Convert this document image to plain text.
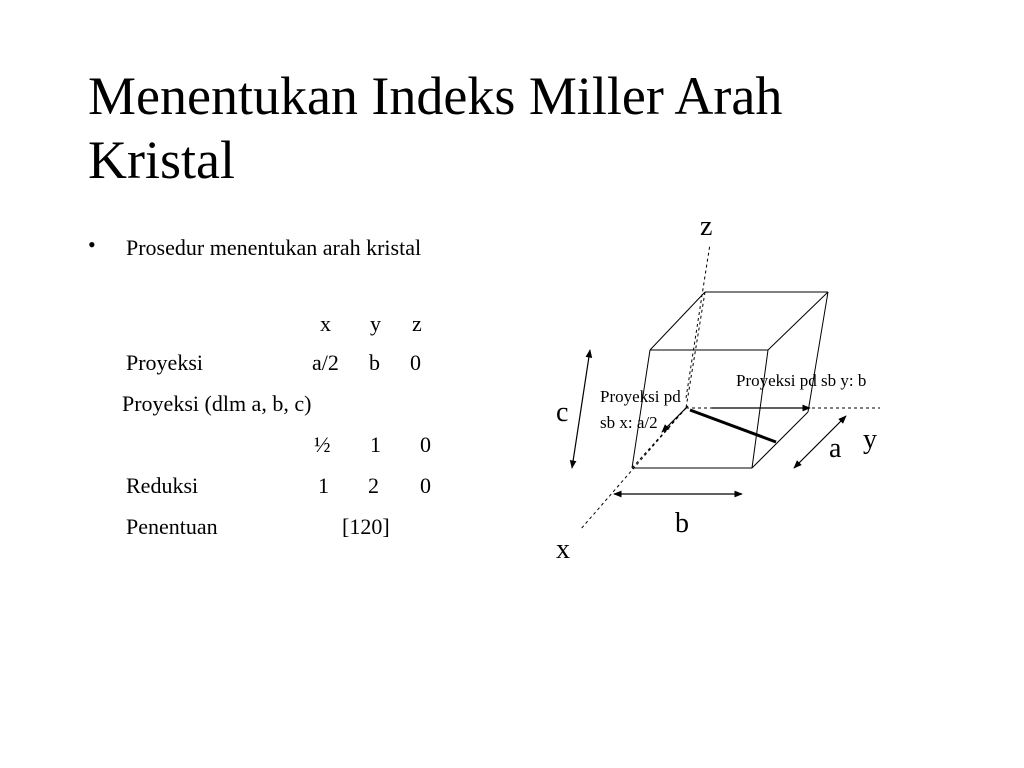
Menentukan Indeks Miller Arah
Kristal
• Prosedur menentukan arah kristal
x y z
Proyeksi	a/2 b 0
Proyeksi (dlm a, b, c)
½ 1 0
Reduksi	1 2 0
Penentuan	[120]
z
y
x
a
b
c
Proyeksi pd
sb x: a/2
Proyeksi pd sb y: b
